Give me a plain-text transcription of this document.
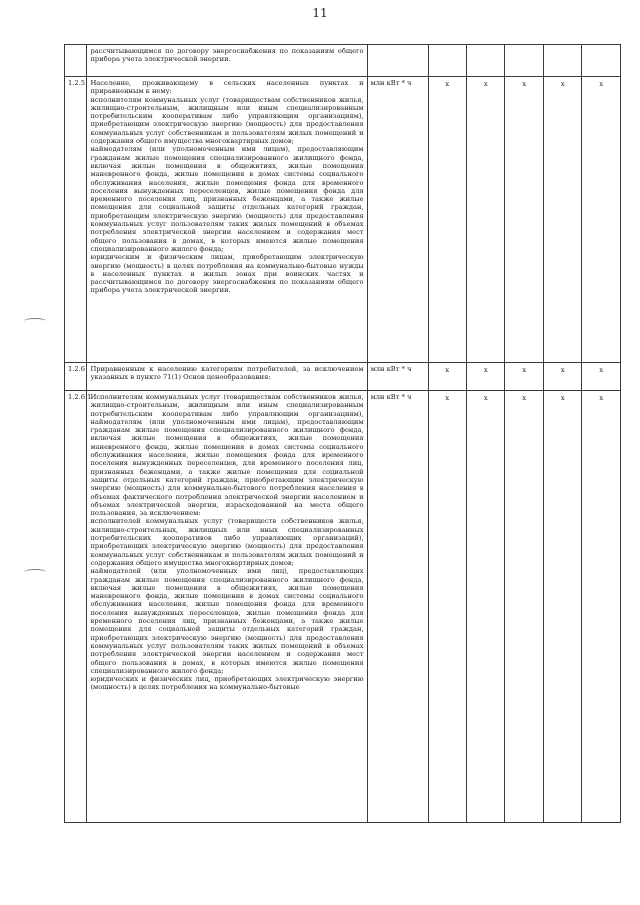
11

	рассчитывающимся по договору энергоснабжения по показаниям общего прибора учета электрической энергии.						

1.2.5	Население, проживающему в сельских населенных пунктах и приравненным к нему:

исполнителям коммунальных услуг (товариществам собственников жилья, жилищно-строительным, жилищным или иным специализированным потребительским кооперативам либо управляющим организациям), приобретающим электрическую энергию (мощность) для предоставления коммунальных услуг собственникам и пользователям жилых помещений и содержания общего имущества многоквартирных домов;

наймодателям (или уполномоченным ими лицам), предоставляющим гражданам жилые помещения специализированного жилищного фонда, включая жилые помещения в общежитиях, жилые помещения маневренного фонда, жилые помещения в домах системы социального обслуживания населения, жилые помещения фонда для временного поселения вынужденных переселенцев, жилые помещения фонда для временного поселения лиц, признанных беженцами, а также жилые помещения для социальной защиты отдельных категорий граждан, приобретающим электрическую энергию (мощность) для предоставления коммунальных услуг пользователям таких жилых помещений в объемах потребления электрической энергии населением и содержания мест общего пользования в домах, в которых имеются жилые помещения специализированного жилого фонда;

юридическим и физическим лицам, приобретающим электрическую энергию (мощность) в целях потребления на коммунально-бытовые нужды в населенных пунктах и жилых зонах при воинских частях и рассчитывающимся по договору энергоснабжения по показаниям общего прибора учета электрической энергии.	млн кВт * ч	x	x	x	x	x

1.2.6	Приравненным к населению категориям потребителей, за исключением указанных в пункте 71(1) Основ ценообразования:	млн кВт * ч	x	x	x	x	x

1.2.6.1	Исполнителям коммунальных услуг (товариществам собственников жилья, жилищно-строительным, жилищным или иным специализированным потребительским кооперативам либо управляющим организациям), наймодателям (или уполномоченным ими лицам), предоставляющим гражданам жилые помещения специализированного жилищного фонда, включая жилые помещения в общежитиях, жилые помещения маневренного фонда, жилые помещения в домах системы социального обслуживания населения, жилые помещения фонда для временного поселения вынужденных переселенцев, для временного поселения лиц, признанных беженцами, а также жилые помещения для социальной защиты отдельных категорий граждан, приобретающим электрическую энергию (мощность) для коммунально-бытового потребления населения в объемах фактического потребления электрической энергии населением и объемах электрической энергии, израсходованной на места общего пользования, за исключением:

исполнителей коммунальных услуг (товариществ собственников жилья, жилищно-строительных, жилищных или иных специализированных потребительских кооперативов либо управляющих организаций), приобретающих электрическую энергию (мощность) для предоставления коммунальных услуг собственникам и пользователям жилых помещений и содержания общего имущества многоквартирных домов;

наймодателей (или уполномоченных ими лиц), предоставляющих гражданам жилые помещения специализированного жилищного фонда, включая жилые помещения в общежитиях, жилые помещения маневренного фонда, жилые помещения в домах системы социального обслуживания населения, жилые помещения фонда для временного поселения вынужденных переселенцев, жилые помещения фонда для временного поселения лиц, признанных беженцами, а также жилые помещения для социальной защиты отдельных категорий граждан, приобретающих электрическую энергию (мощность) для предоставления коммунальных услуг пользователям таких жилых помещений в объемах потребления электрической энергии населением и содержания мест общего пользования в домах, в которых имеются жилые помещения специализированного жилого фонда;

юридических и физических лиц, приобретающих электрическую энергию (мощность) в целях потребления на коммунально-бытовые	млн кВт * ч	x	x	x	x	x
